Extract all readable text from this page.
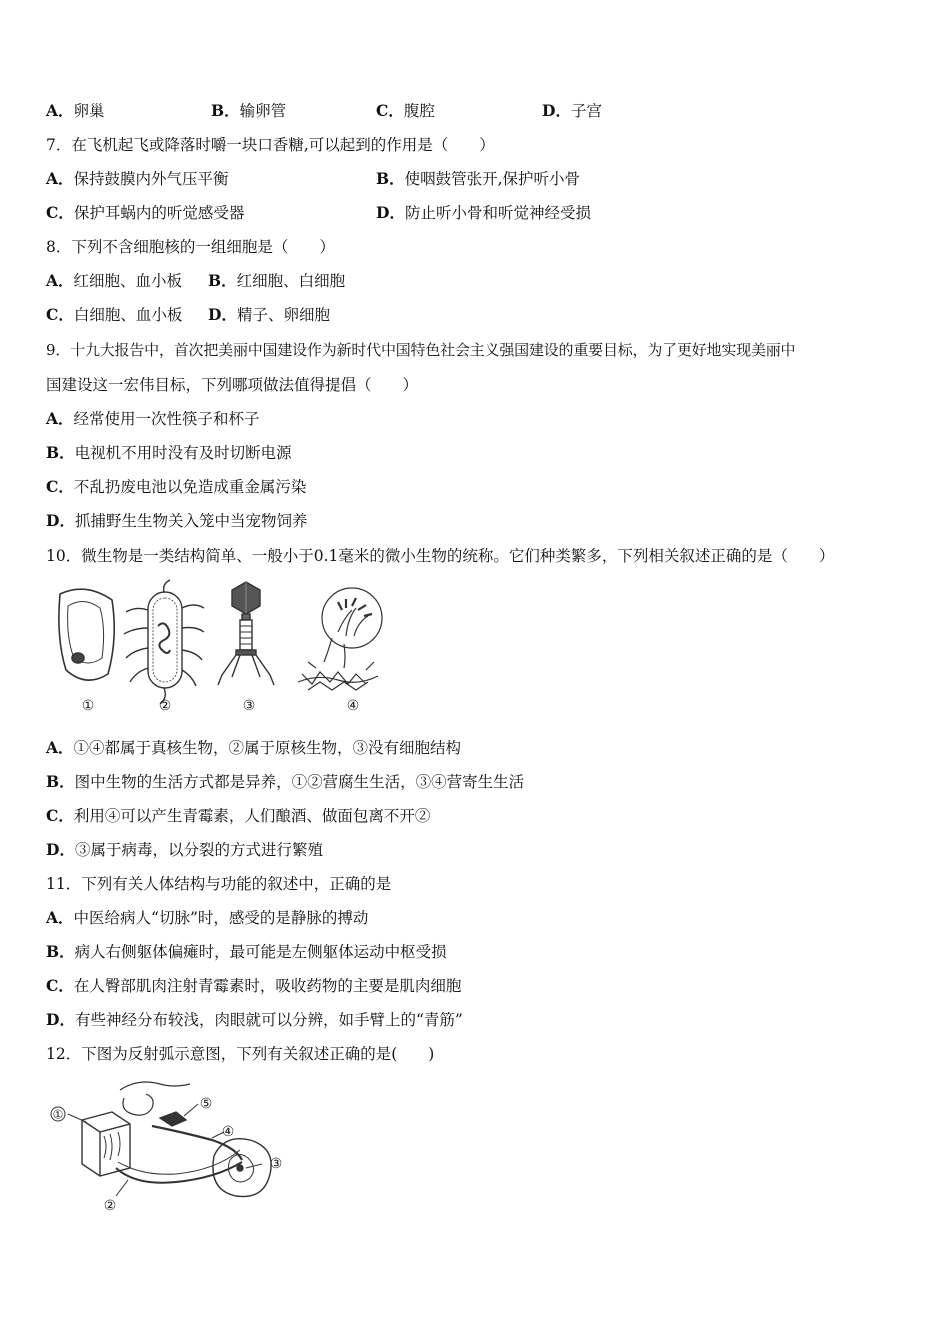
A．卵巢	B．输卵管	C．腹腔	D．子宫
7．在飞机起飞或降落时嚼一块口香糖,可以起到的作用是（　　）
A．保持鼓膜内外气压平衡	B．使咽鼓管张开,保护听小骨
C．保护耳蜗内的听觉感受器	D．防止听小骨和听觉神经受损
8．下列不含细胞核的一组细胞是（　　）
A．红细胞、血小板 B．红细胞、白细胞
C．白细胞、血小板 D．精子、卵细胞
9．十九大报告中，首次把美丽中国建设作为新时代中国特色社会主义强国建设的重要目标，为了更好地实现美丽中
国建设这一宏伟目标，下列哪项做法值得提倡（　　）
A．经常使用一次性筷子和杯子
B．电视机不用时没有及时切断电源
C．不乱扔废电池以免造成重金属污染
D．抓捕野生生物关入笼中当宠物饲养
10．微生物是一类结构简单、一般小于0.1毫米的微小生物的统称。它们种类繁多，下列相关叙述正确的是（　　）
①	②	③	④
A．①④都属于真核生物，②属于原核生物，③没有细胞结构
B．图中生物的生活方式都是异养，①②营腐生生活，③④营寄生生活
C．利用④可以产生青霉素，人们酿酒、做面包离不开②
D．③属于病毒，以分裂的方式进行繁殖
11．下列有关人体结构与功能的叙述中，正确的是
A．中医给病人“切脉”时，感受的是静脉的搏动
B．病人右侧躯体偏瘫时，最可能是左侧躯体运动中枢受损
C．在人臀部肌肉注射青霉素时，吸收药物的主要是肌肉细胞
D．有些神经分布较浅，肉眼就可以分辨，如手臂上的“青筋”
12．下图为反射弧示意图，下列有关叙述正确的是(　　)
①
②
③
④
⑤
